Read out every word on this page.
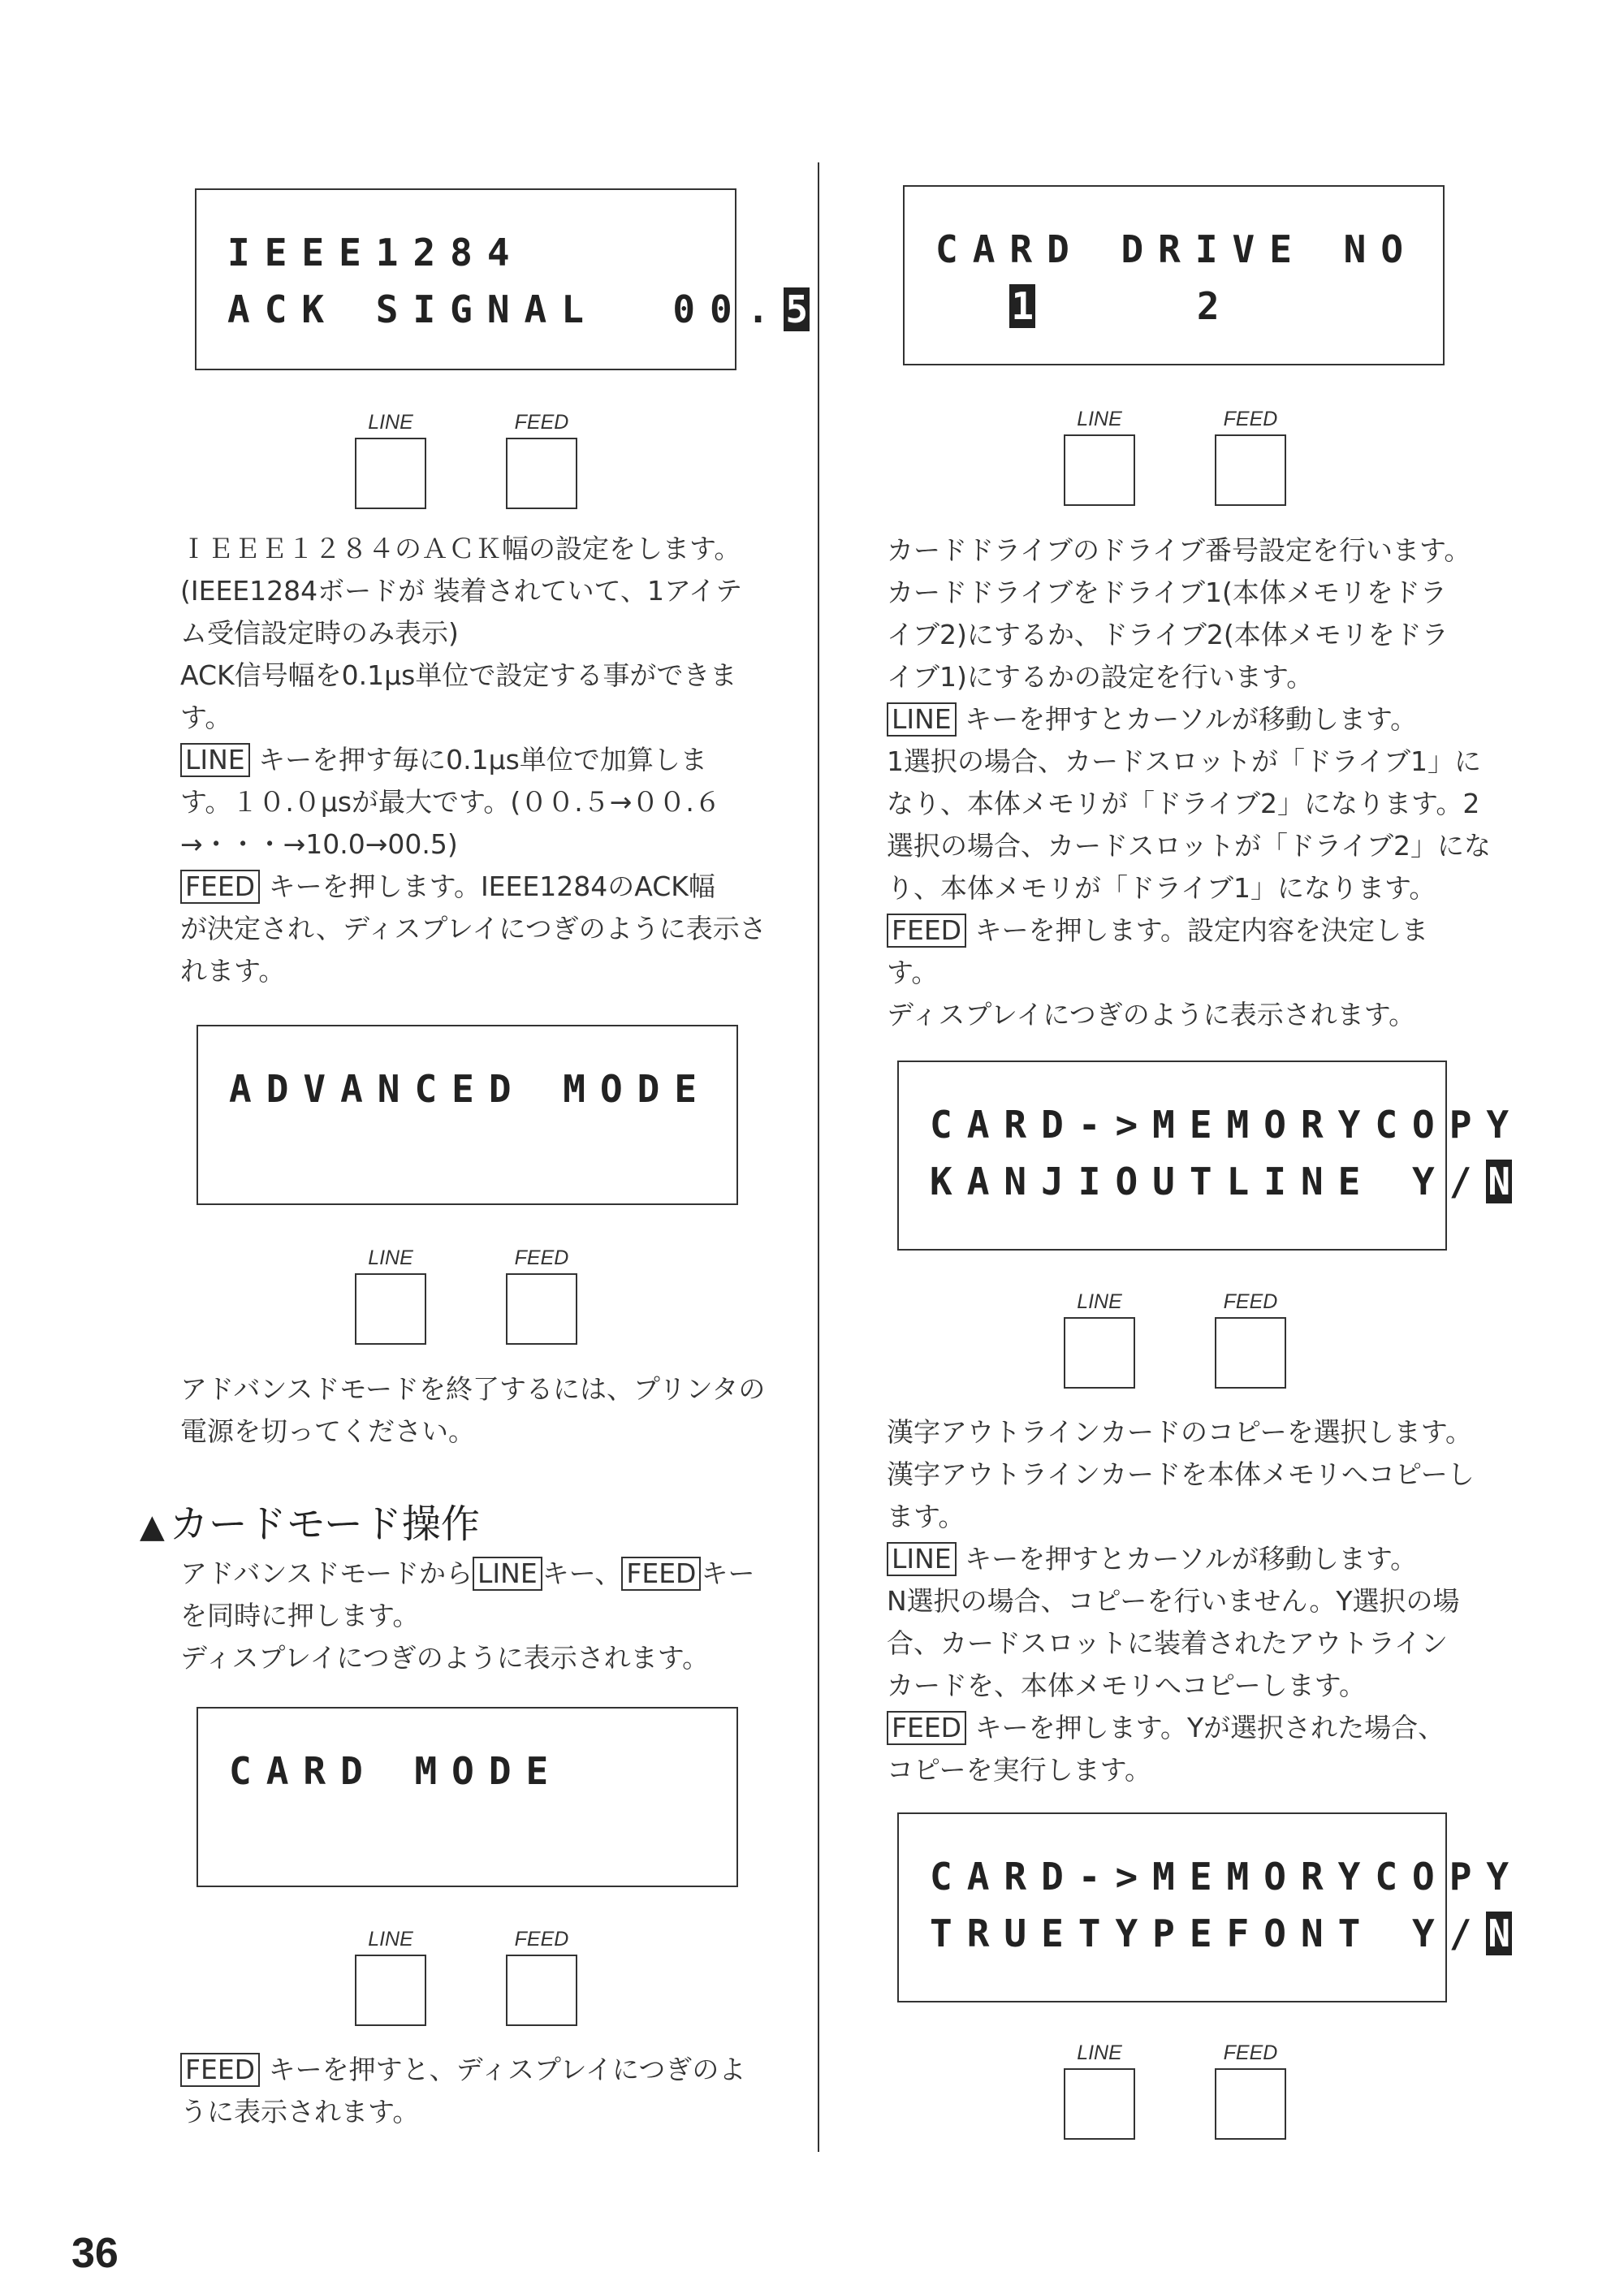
IEEE1284
ACK SIGNAL  00.5
LINE	FEED

ＩＥＥＥ１２８４のＡＣＫ幅の設定をします。

(IEEE1284ボードが 装着されていて、1アイテ

ム受信設定時のみ表示)

ACK信号幅を0.1μs単位で設定する事ができま

す。

LINE キーを押す毎に0.1μs単位で加算しま

す。１０.０μsが最大です。(００.５→００.６

→・・・→10.0→00.5)

FEED キーを押します。IEEE1284のACK幅

が決定され、ディスプレイにつぎのように表示さ

れます。

ADVANCED MODE
LINE	FEED

アドバンスドモードを終了するには、プリンタの

電源を切ってください。

▲ カードモード操作

アドバンスドモードから LINE キー、 FEED キー

を同時に押します。

ディスプレイにつぎのように表示されます。

CARD MODE
LINE	FEED

FEED キーを押すと、ディスプレイにつぎのよ

うに表示されます。

CARD DRIVE NO
1    2
LINE	FEED

カードドライブのドライブ番号設定を行います。

カードドライブをドライブ1(本体メモリをドラ

イブ2)にするか、ドライブ2(本体メモリをドラ

イブ1)にするかの設定を行います。

LINE キーを押すとカーソルが移動します。

1選択の場合、カードスロットが「ドライブ1」に

なり、本体メモリが「ドライブ2」になります。2

選択の場合、カードスロットが「ドライブ2」にな

り、本体メモリが「ドライブ1」になります。

FEED キーを押します。設定内容を決定しま

す。

ディスプレイにつぎのように表示されます。

CARD->MEMORYCOPY
KANJIOUTLINE Y/N
LINE	FEED

漢字アウトラインカードのコピーを選択します。

漢字アウトラインカードを本体メモリへコピーし

ます。

LINE キーを押すとカーソルが移動します。

N選択の場合、コピーを行いません。Y選択の場

合、カードスロットに装着されたアウトライン

カードを、本体メモリへコピーします。

FEED キーを押します。Yが選択された場合、

コピーを実行します。

CARD->MEMORYCOPY
TRUETYPEFONT Y/N
LINE	FEED
36
